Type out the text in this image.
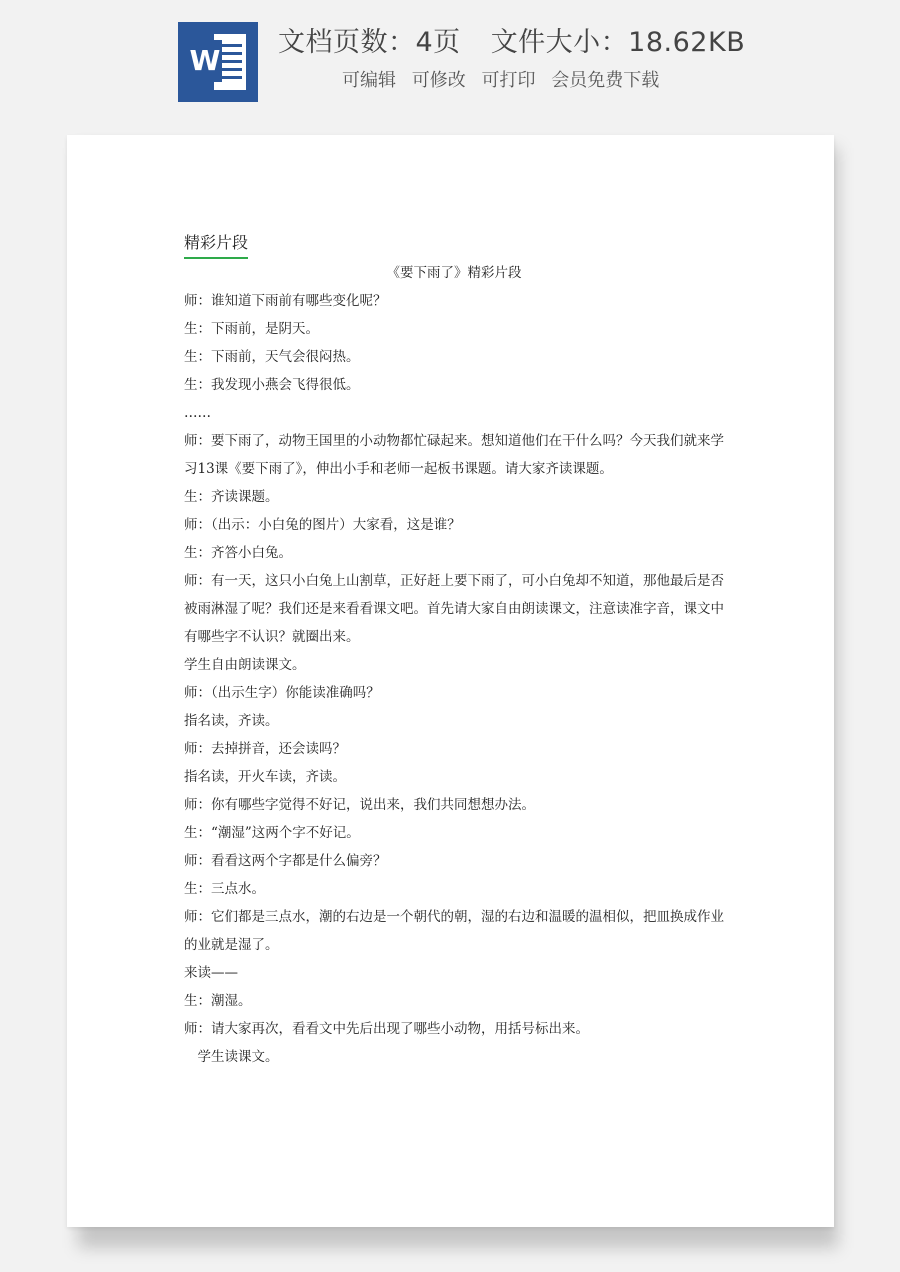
W
文档页数：4页 文件大小：18.62KB
可编辑 可修改 可打印 会员免费下载
精彩片段
《要下雨了》精彩片段
师：谁知道下雨前有哪些变化呢？
生：下雨前，是阴天。
生：下雨前，天气会很闷热。
生：我发现小燕会飞得很低。
……
师：要下雨了，动物王国里的小动物都忙碌起来。想知道他们在干什么吗？今天我们就来学习13课《要下雨了》，伸出小手和老师一起板书课题。请大家齐读课题。
生：齐读课题。
师：（出示：小白兔的图片）大家看，这是谁？
生：齐答小白兔。
师：有一天，这只小白兔上山割草，正好赶上要下雨了，可小白兔却不知道，那他最后是否被雨淋湿了呢？我们还是来看看课文吧。首先请大家自由朗读课文，注意读准字音，课文中有哪些字不认识？就圈出来。
学生自由朗读课文。
师：（出示生字）你能读准确吗？
指名读，齐读。
师：去掉拼音，还会读吗？
指名读，开火车读，齐读。
师：你有哪些字觉得不好记，说出来，我们共同想想办法。
生：“潮湿”这两个字不好记。
师：看看这两个字都是什么偏旁？
生：三点水。
师：它们都是三点水，潮的右边是一个朝代的朝，湿的右边和温暖的温相似，把皿换成作业的业就是湿了。
来读——
生：潮湿。
师：请大家再次，看看文中先后出现了哪些小动物，用括号标出来。
学生读课文。
